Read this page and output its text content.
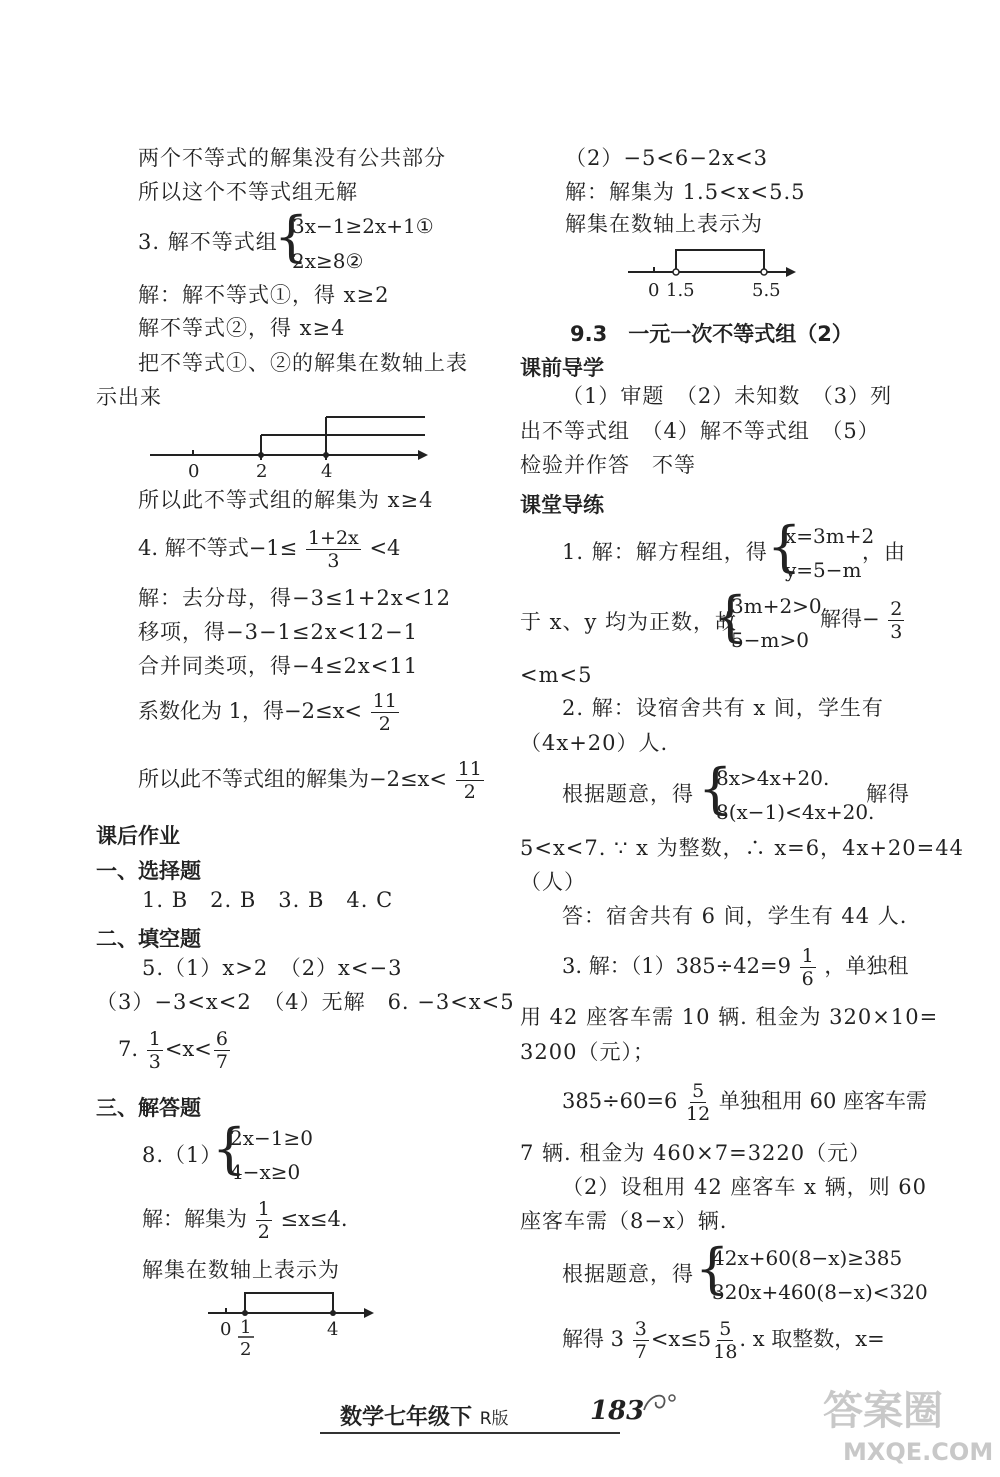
两个不等式的解集没有公共部分
所以这个不等式组无解
3. 解不等式组
{
3x−1≥2x+1①
2x≥8②
解：解不等式①，得 x≥2
解不等式②，得 x≥4
把不等式①、②的解集在数轴上表
示出来
0	2	4
所以此不等式组的解集为 x≥4
4. 解不等式$-1\le \frac{1+2x}{3} <4$
解：去分母，得−3≤1+2x<12
移项，得−3−1≤2x<12−1
合并同类项，得−4≤2x<11
系数化为 1，得$-2\le x< \frac{11}{2}$
所以此不等式组的解集为$-2\le x< \frac{11}{2}$
课后作业
一、选择题
1. B　2. B　3. B　4. C
二、填空题
5.（1）x>2　（2）x<−3
（3）−3<x<2　（4）无解　6. −3<x<5
7. $\frac{1}{3} <x< \frac{6}{7}$
三、解答题
8.（1）
{
2x−1≥0
4−x≥0
解：解集为 $\frac{1}{2} \le x\le 4$.
解集在数轴上表示为
0 1
2
4
（2）−5<6−2x<3
解：解集为 1.5<x<5.5
解集在数轴上表示为
0 1.5	5.5
9.3　一元一次不等式组（2）
课前导学
（1）审题　（2）未知数　（3）列
出不等式组　（4）解不等式组　（5）
检验并作答　不等
课堂导练
1. 解：解方程组，得 {
x=3m+2
y=5−m
，由
于 x、y 均为正数，故
{
3m+2>0
5−m>0
解得− $\frac{2}{3}$
<m<5
2. 解：设宿舍共有 x 间，学生有
（4x+20）人.
根据题意，得 {
8x>4x+20.
8(x−1)<4x+20.
解得
5<x<7. ∵ x 为整数，∴ x=6，4x+20=44
（人）
答：宿舍共有 6 间，学生有 44 人.
3. 解：$(1)385\div 42=9 \frac{1}{6}$ ，单独租
用 42 座客车需 10 辆. 租金为 320×10=
3200（元）；
$385\div 60=6 \frac{5}{12}$ 单独租用 60 座客车需
7 辆. 租金为 460×7=3220（元）
（2）设租用 42 座客车 x 辆，则 60
座客车需（8−x）辆.
根据题意，得 {
42x+60(8−x)≥385
320x+460(8−x)<320
解得 $3 \frac{3}{7} <x\le 5 \frac{5}{18}$ . x 取整数，x=
数学七年级下 R版	183	答案圈
MXQE.COM
